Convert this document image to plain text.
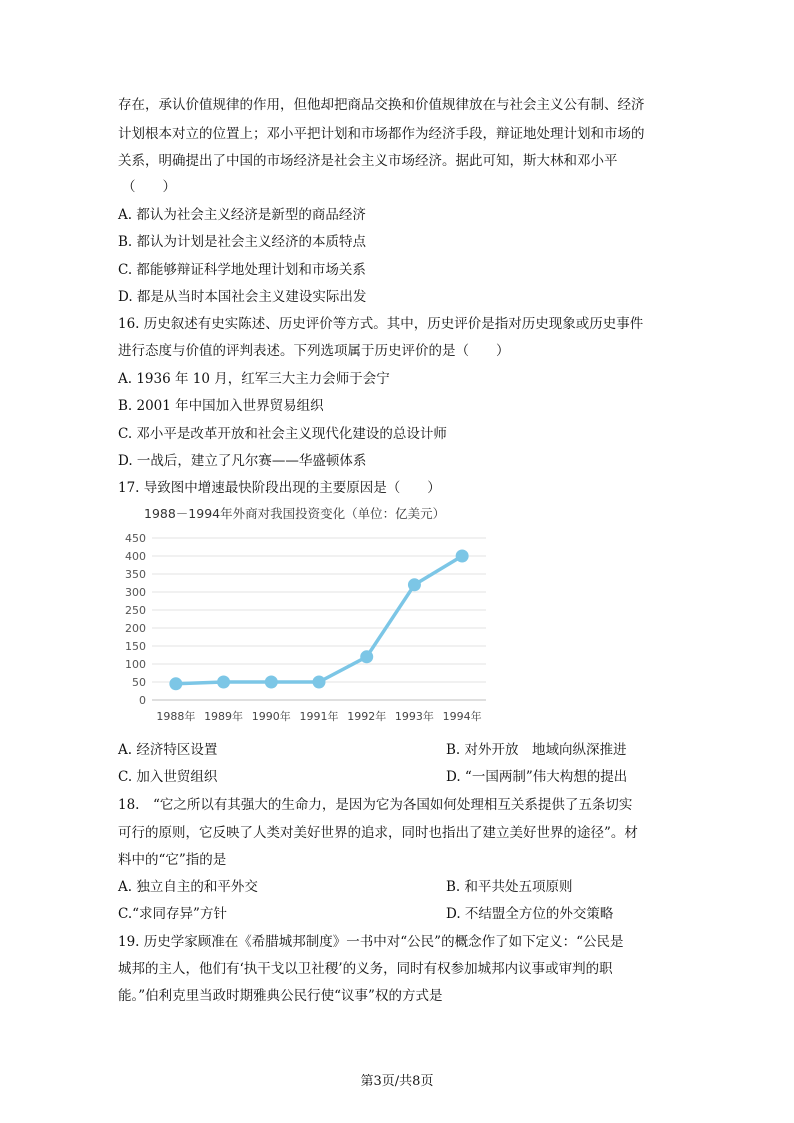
存在，承认价值规律的作用，但他却把商品交换和价值规律放在与社会主义公有制、经济
计划根本对立的位置上；邓小平把计划和市场都作为经济手段，辩证地处理计划和市场的
关系，明确提出了中国的市场经济是社会主义市场经济。据此可知，斯大林和邓小平
（　　）
A. 都认为社会主义经济是新型的商品经济
B. 都认为计划是社会主义经济的本质特点
C. 都能够辩证科学地处理计划和市场关系
D. 都是从当时本国社会主义建设实际出发
16. 历史叙述有史实陈述、历史评价等方式。其中，历史评价是指对历史现象或历史事件
进行态度与价值的评判表述。下列选项属于历史评价的是（　　）
A. 1936 年 10 月，红军三大主力会师于会宁
B. 2001 年中国加入世界贸易组织
C. 邓小平是改革开放和社会主义现代化建设的总设计师
D. 一战后，建立了凡尔赛——华盛顿体系
17. 导致图中增速最快阶段出现的主要原因是（　　）
1988－1994年外商对我国投资变化（单位：亿美元）
0
50
100
150
200
250
300
350
400
450
1988年 1989年 1990年 1991年 1992年 1993年 1994年
A. 经济特区设置	B. 对外开放　地域向纵深推进
C. 加入世贸组织	D. “一国两制”伟大构想的提出
18.　“它之所以有其强大的生命力，是因为它为各国如何处理相互关系提供了五条切实
可行的原则，它反映了人类对美好世界的追求，同时也指出了建立美好世界的途径”。材
料中的“它”指的是
A. 独立自主的和平外交	B. 和平共处五项原则
C.“求同存异”方针	D. 不结盟全方位的外交策略
19. 历史学家顾准在《希腊城邦制度》一书中对“公民”的概念作了如下定义：“公民是
城邦的主人，他们有‘执干戈以卫社稷’的义务，同时有权参加城邦内议事或审判的职
能。”伯利克里当政时期雅典公民行使“议事”权的方式是
第3页/共8页
